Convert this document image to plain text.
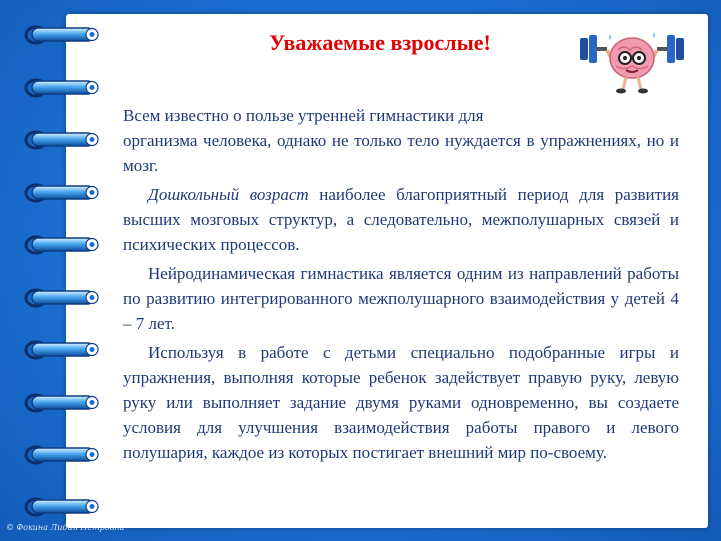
Уважаемые взрослые!

Всем известно о пользе утренней гимнастики для
организма человека, однако не только тело нуждается в упражнениях, но и мозг.

Дошкольный возраст наиболее благоприятный период для развития высших мозговых структур, а следовательно, межполушарных связей и психических процессов.

Нейродинамическая гимнастика является одним из направлений работы по развитию интегрированного межполушарного взаимодействия у детей 4 – 7 лет.

Используя в работе с детьми специально подобранные игры и упражнения, выполняя которые ребенок задействует правую руку, левую руку или выполняет задание двумя руками одновременно, вы создаете условия для улучшения взаимодействия работы правого и левого полушария, каждое из которых постигает внешний мир по-своему.

© Фокина Лидия Петровна
